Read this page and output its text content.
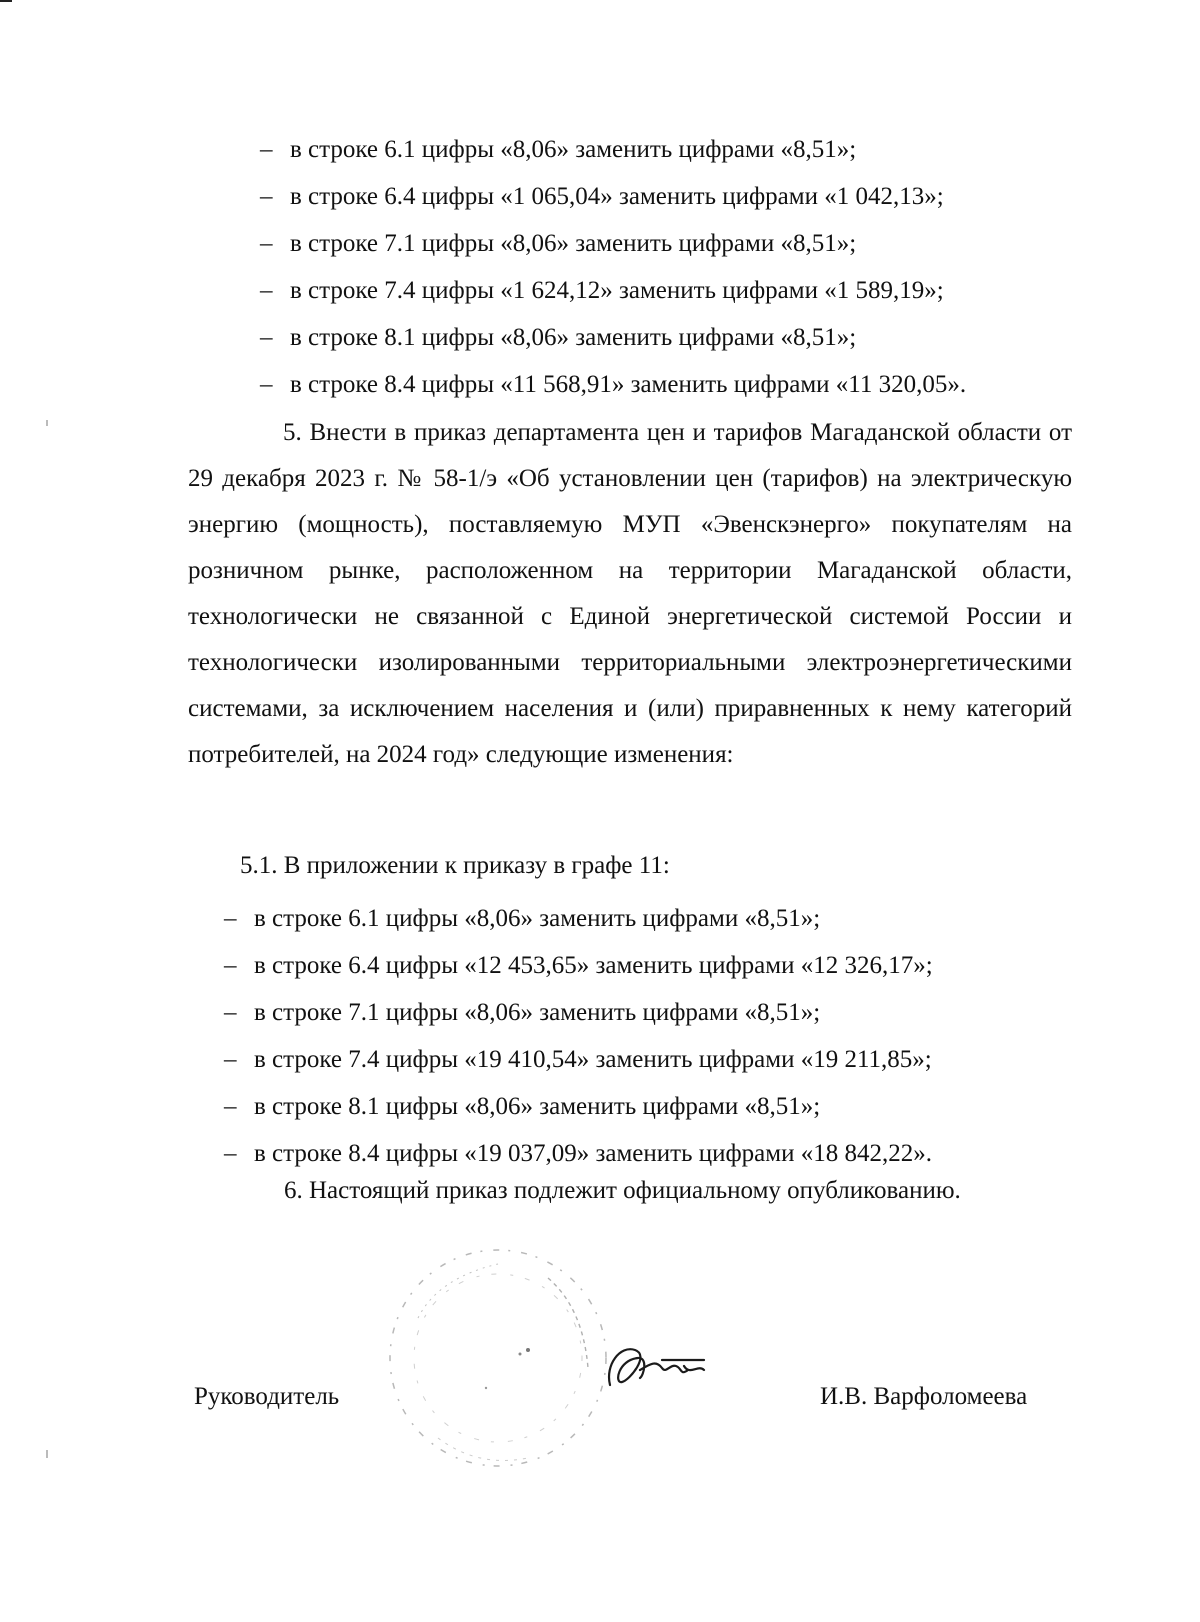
– в строке 6.1 цифры «8,06» заменить цифрами «8,51»;
– в строке 6.4 цифры «1 065,04» заменить цифрами «1 042,13»;
– в строке 7.1 цифры «8,06» заменить цифрами «8,51»;
– в строке 7.4 цифры «1 624,12» заменить цифрами «1 589,19»;
– в строке 8.1 цифры «8,06» заменить цифрами «8,51»;
– в строке 8.4 цифры «11 568,91» заменить цифрами «11 320,05».

5. Внести в приказ департамента цен и тарифов Магаданской области от 29 декабря 2023 г. № 58-1/э «Об установлении цен (тарифов) на электрическую энергию (мощность), поставляемую МУП «Эвенскэнерго» покупателям на розничном рынке, расположенном на территории Магаданской области, технологически не связанной с Единой энергетической системой России и технологически изолированными территориальными электроэнергетическими системами, за исключением населения и (или) приравненных к нему категорий потребителей, на 2024 год» следующие изменения:

5.1. В приложении к приказу в графе 11:
– в строке 6.1 цифры «8,06» заменить цифрами «8,51»;
– в строке 6.4 цифры «12 453,65» заменить цифрами «12 326,17»;
– в строке 7.1 цифры «8,06» заменить цифрами «8,51»;
– в строке 7.4 цифры «19 410,54» заменить цифрами «19 211,85»;
– в строке 8.1 цифры «8,06» заменить цифрами «8,51»;
– в строке 8.4 цифры «19 037,09» заменить цифрами «18 842,22».
6. Настоящий приказ подлежит официальному опубликованию.
Руководитель	И.В. Варфоломеева
